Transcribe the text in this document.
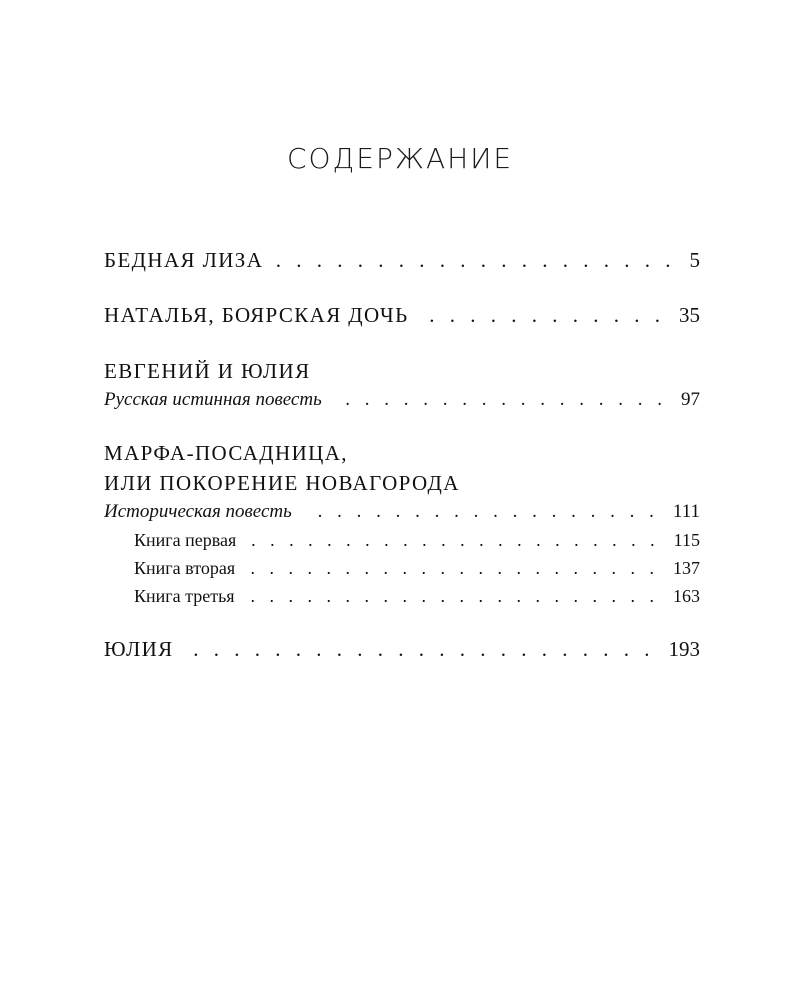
СОДЕРЖАНИЕ
БЕДНАЯ ЛИЗА . . .	5
НАТАЛЬЯ, БОЯРСКАЯ ДОЧЬ . . .	35
ЕВГЕНИЙ И ЮЛИЯ
Русская истинная повесть . . .	97
МАРФА-ПОСАДНИЦА,
ИЛИ ПОКОРЕНИЕ НОВАГОРОДА
Историческая повесть . . .	111
Книга первая . . .	115
Книга вторая . . .	137
Книга третья . . .	163
ЮЛИЯ . . .	193
